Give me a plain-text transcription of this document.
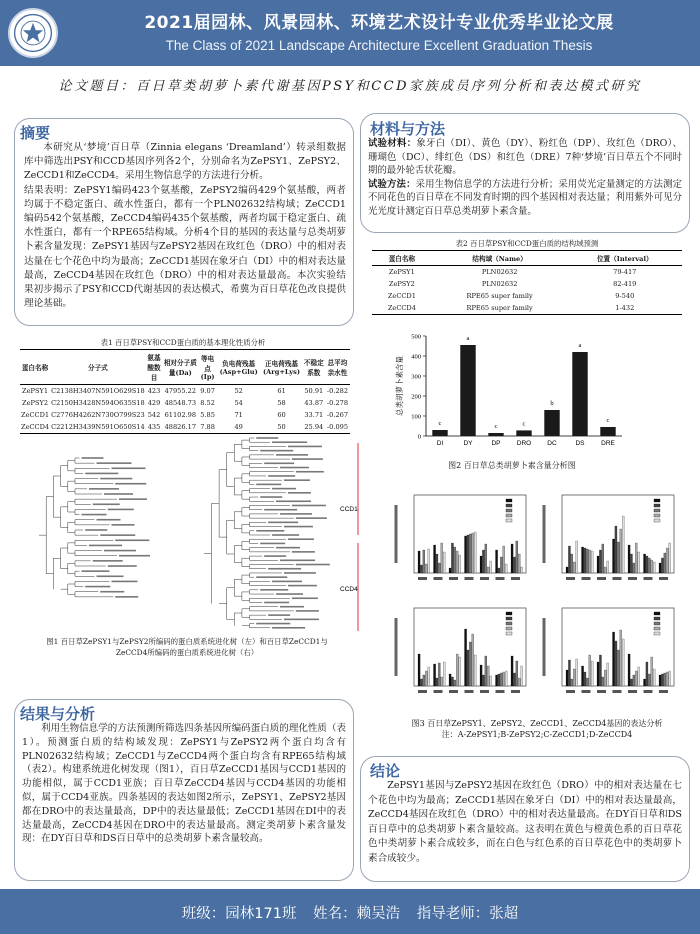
2021届园林、风景园林、环境艺术设计专业优秀毕业论文展
The Class of 2021 Landscape Architecture Excellent Graduation Thesis
论文题目：百日草类胡萝卜素代谢基因PSY和CCD家族成员序列分析和表达模式研究
摘要

本研究从‘梦境’百日草（Zinnia elegans ‘Dreamland’）转录组数据库中筛选出PSY和CCD基因序列各2个，分别命名为ZePSY1、ZePSY2、ZeCCD1和ZeCCD4。采用生物信息学的方法进行分析。

结果表明：ZePSY1编码423个氨基酸，ZePSY2编码429个氨基酸，两者均属于不稳定蛋白、疏水性蛋白，都有一个PLN02632结构域；ZeCCD1编码542个氨基酸，ZeCCD4编码435个氨基酸，两者均属于稳定蛋白、疏水性蛋白，都有一个RPE65结构域。分析4个目的基因的表达量与总类胡萝卜素含量发现：ZePSY1基因与ZePSY2基因在玫红色（DRO）中的相对表达量在七个花色中均为最高；ZeCCD1基因在象牙白（DI）中的相对表达量最高，ZeCCD4基因在玫红色（DRO）中的相对表达量最高。本次实验结果初步揭示了PSY和CCD代谢基因的表达模式，希冀为百日草花色改良提供理论基础。

材料与方法

试验材料：象牙白（DI）、黄色（DY）、粉红色（DP）、玫红色（DRO）、珊瑚色（DC）、绯红色（DS）和红色（DRE）7种‘梦境’百日草五个不同时期的最外轮舌状花瓣。

试验方法：采用生物信息学的方法进行分析；采用荧光定量测定的方法测定不同花色的百日草在不同发育时期的四个基因相对表达量；利用紫外可见分光光度计测定百日草总类胡萝卜素含量。

表2 百日草PSY和CCD蛋白质的结构域预测
蛋白名称	结构域（Name）	位置（Interval）
ZePSY1	PLN02632	79-417
ZePSY2	PLN02632	82-419
ZeCCD1	RPE65 super family	9-540
ZeCCD4	RPE65 super family	1-432
表1 百日草PSY和CCD蛋白质的基本理化性质分析
蛋白名称	分子式	氨基酸数目	相对分子质量(Da)	等电点(Ip)	负电荷残基(Asp+Glu)	正电荷残基(Arg+Lys)	不稳定系数	总平均亲水性
ZePSY1	C2138H3407N591O629S18	423	47955.22	9.07	52	61	50.91	-0.282
ZePSY2	C2150H3428N594O635S18	429	48548.73	8.52	54	58	43.87	-0.278
ZeCCD1	C2776H4262N730O799S23	542	61102.98	5.85	71	60	33.71	-0.267
ZeCCD4	C2212H3439N591O650S14	435	48826.17	7.88	49	50	25.94	-0.095
0
100
200
300
400
500
总类胡萝卜素含量
c
DI
a
DY
c
DP
c
DRO
b
DC
a
DS
c
DRE
图2 百日草总类胡萝卜素含量分析图
CCD1
CCD4
图1 百日草ZePSY1与ZePSY2所编码的蛋白质系统进化树（左）和百日草ZeCCD1与ZeCCD4所编码的蛋白质系统进化树（右）
图3 百日草ZePSY1、ZePSY2、ZeCCD1、ZeCCD4基因的表达分析
注：A-ZePSY1;B-ZePSY2;C-ZeCCD1;D-ZeCCD4
结果与分析

利用生物信息学的方法预测所筛选四条基因所编码蛋白质的理化性质（表1）。预测蛋白质的结构域发现：ZePSY1与ZePSY2两个蛋白均含有PLN02632结构域；ZeCCD1与ZeCCD4两个蛋白均含有RPE65结构域（表2）。构建系统进化树发现（图1），百日草ZeCCD1基因与CCD1基因的功能相似，属于CCD1亚族；百日草ZeCCD4基因与CCD4基因的功能相似，属于CCD4亚族。四条基因的表达如图2所示，ZePSY1、ZePSY2基因都在DRO中的表达量最高，DP中的表达量最低；ZeCCD1基因在DI中的表达量最高，ZeCCD4基因在DRO中的表达量最高。测定类胡萝卜素含量发现：在DY百日草和DS百日草中的总类胡萝卜素含量较高。

结论

ZePSY1基因与ZePSY2基因在玫红色（DRO）中的相对表达量在七个花色中均为最高；ZeCCD1基因在象牙白（DI）中的相对表达量最高，ZeCCD4基因在玫红色（DRO）中的相对表达量最高。在DY百日草和DS百日草中的总类胡萝卜素含量较高。这表明在黄色与橙黄色系的百日草花色中类胡萝卜素合成较多，而在白色与红色系的百日草花色中的类胡萝卜素合成较少。

班级：园林171班 姓名：赖吴浩 指导老师：张超
